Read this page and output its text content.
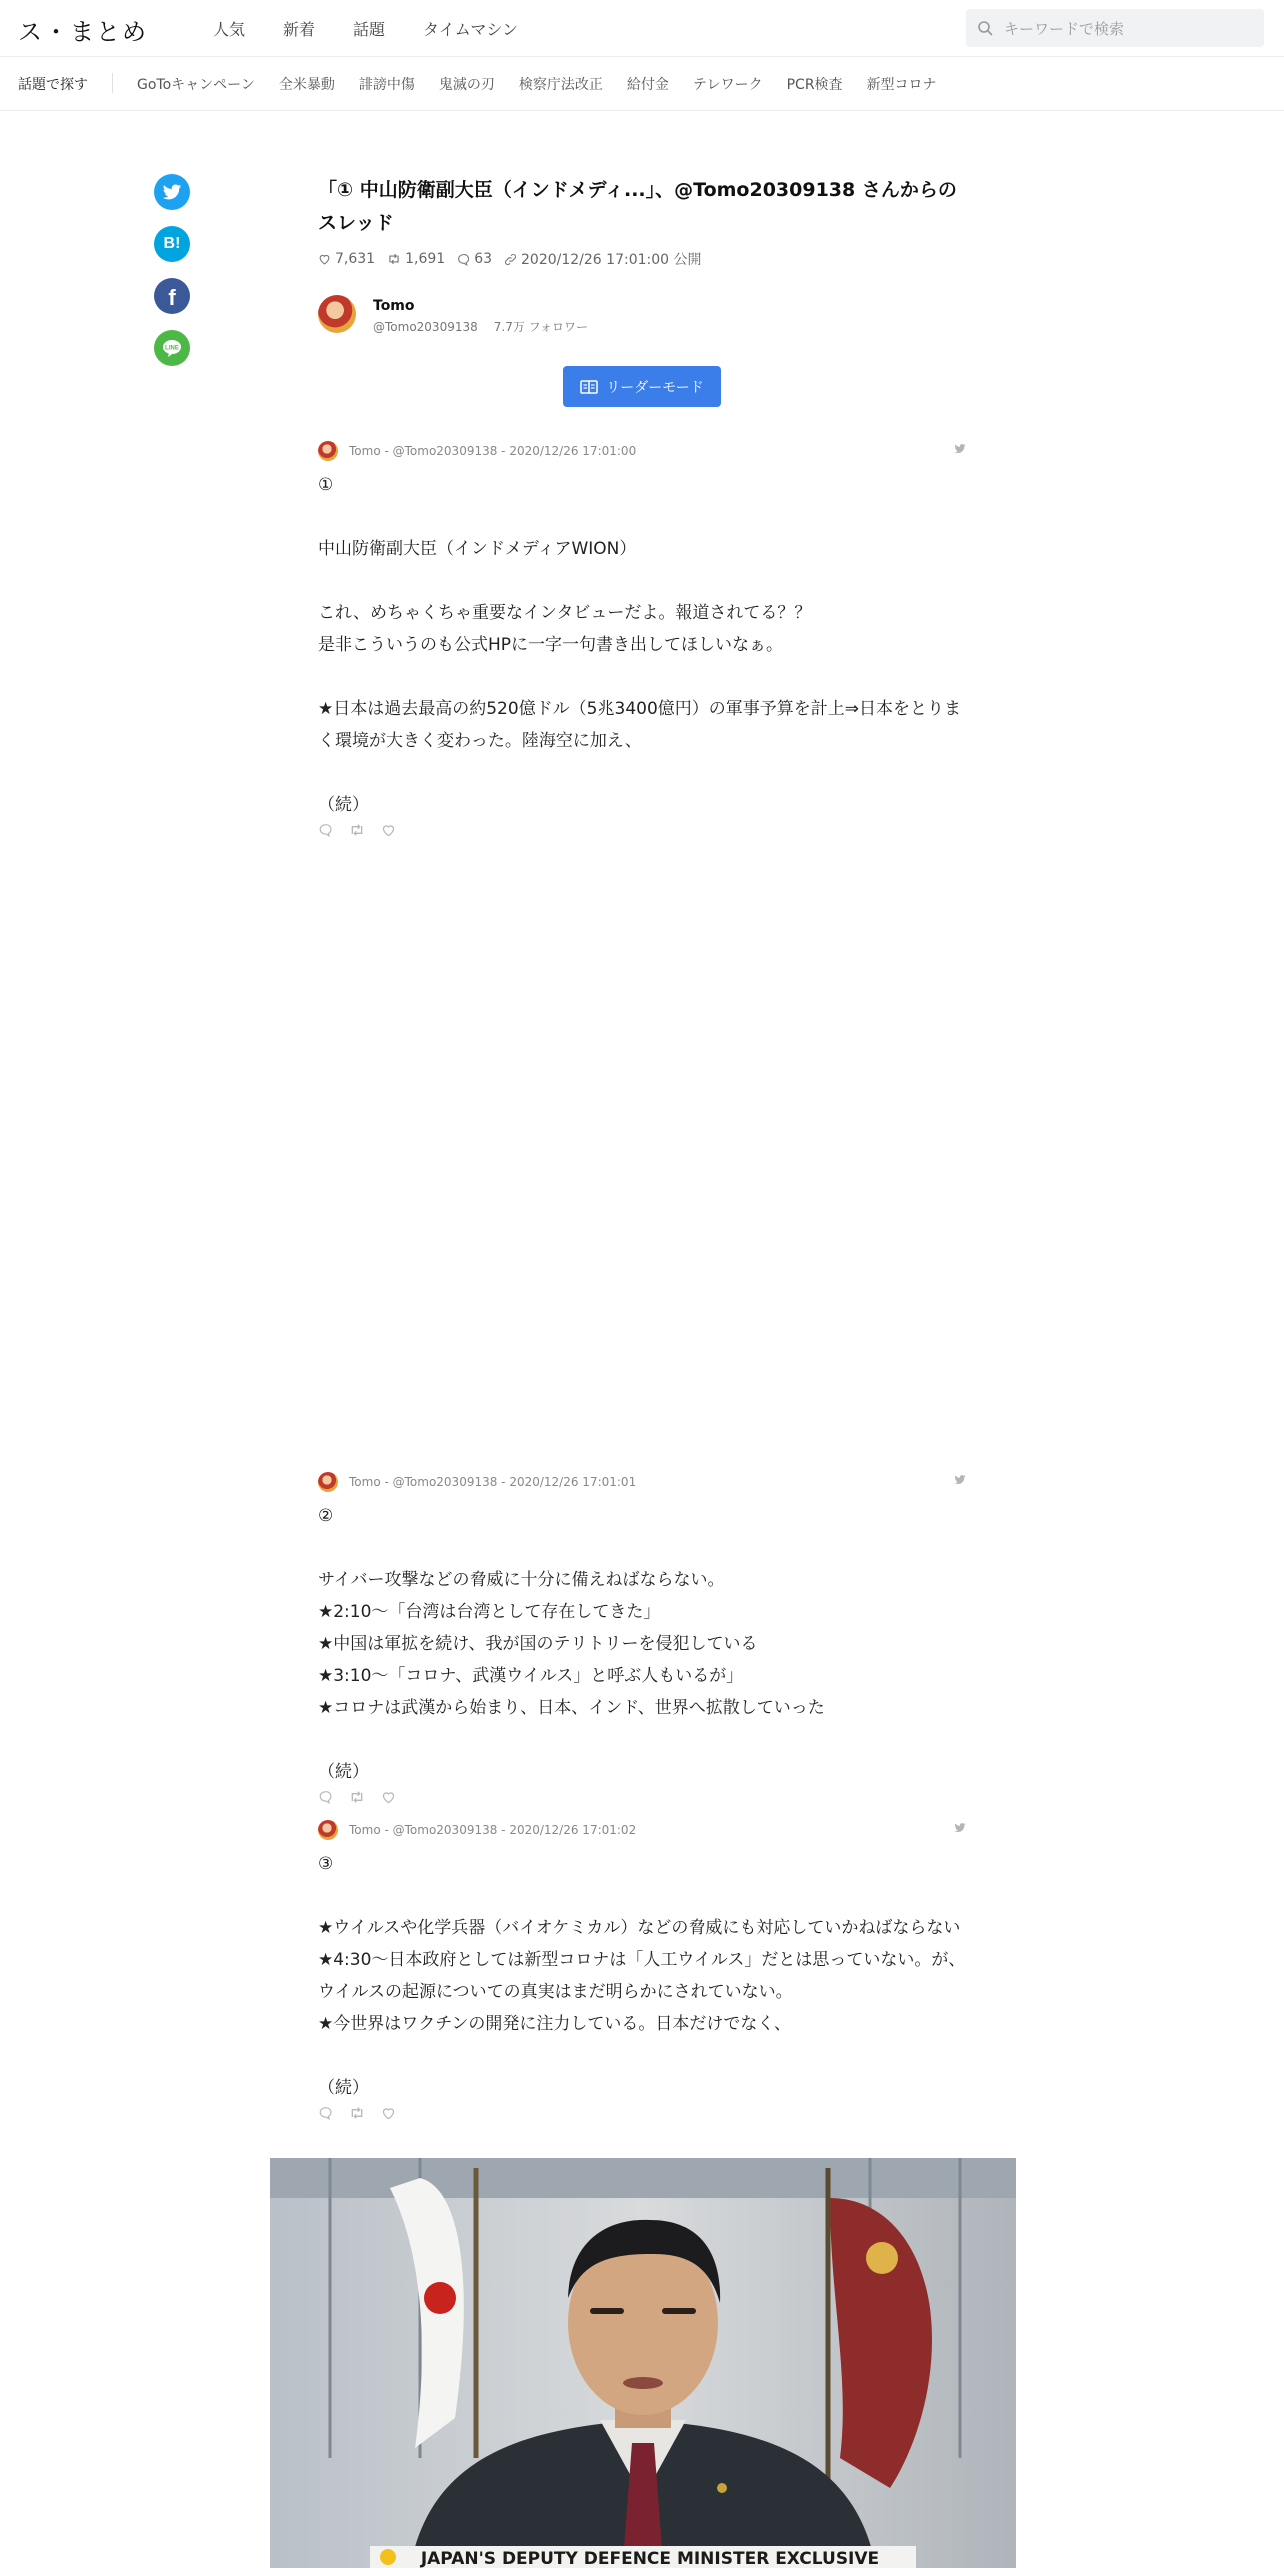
ス・まとめ	人気 新着 話題 タイムマシン
キーワードで検索
話題で探す	GoToキャンペーン 全米暴動 誹謗中傷 鬼滅の刃 検察庁法改正 給付金 テレワーク PCR検査 新型コロナ
B!
f
LINE
「① 中山防衛副大臣（インドメディ...」、@Tomo20309138 さんからのスレッド
7,631 1,691 63 2020/12/26 17:01:00 公開
Tomo
@Tomo20309138 7.7万 フォロワー
リーダーモード
Tomo - @Tomo20309138 - 2020/12/26 17:01:00
①

中山防衛副大臣（インドメディアWION）

これ、めちゃくちゃ重要なインタビューだよ。報道されてる？？
是非こういうのも公式HPに一字一句書き出してほしいなぁ。

★日本は過去最高の約520億ドル（5兆3400億円）の軍事予算を計上⇒日本をとりまく環境が大きく変わった。陸海空に加え、

（続）
Tomo - @Tomo20309138 - 2020/12/26 17:01:01
②

サイバー攻撃などの脅威に十分に備えねばならない。
★2:10～「台湾は台湾として存在してきた」
★中国は軍拡を続け、我が国のテリトリーを侵犯している
★3:10～「コロナ、武漢ウイルス」と呼ぶ人もいるが」
★コロナは武漢から始まり、日本、インド、世界へ拡散していった

（続）
Tomo - @Tomo20309138 - 2020/12/26 17:01:02
③

★ウイルスや化学兵器（バイオケミカル）などの脅威にも対応していかねばならない
★4:30～日本政府としては新型コロナは「人工ウイルス」だとは思っていない。が、ウイルスの起源についての真実はまだ明らかにされていない。
★今世界はワクチンの開発に注力している。日本だけでなく、

（続）
JAPAN'S DEPUTY DEFENCE MINISTER EXCLUSIVE
